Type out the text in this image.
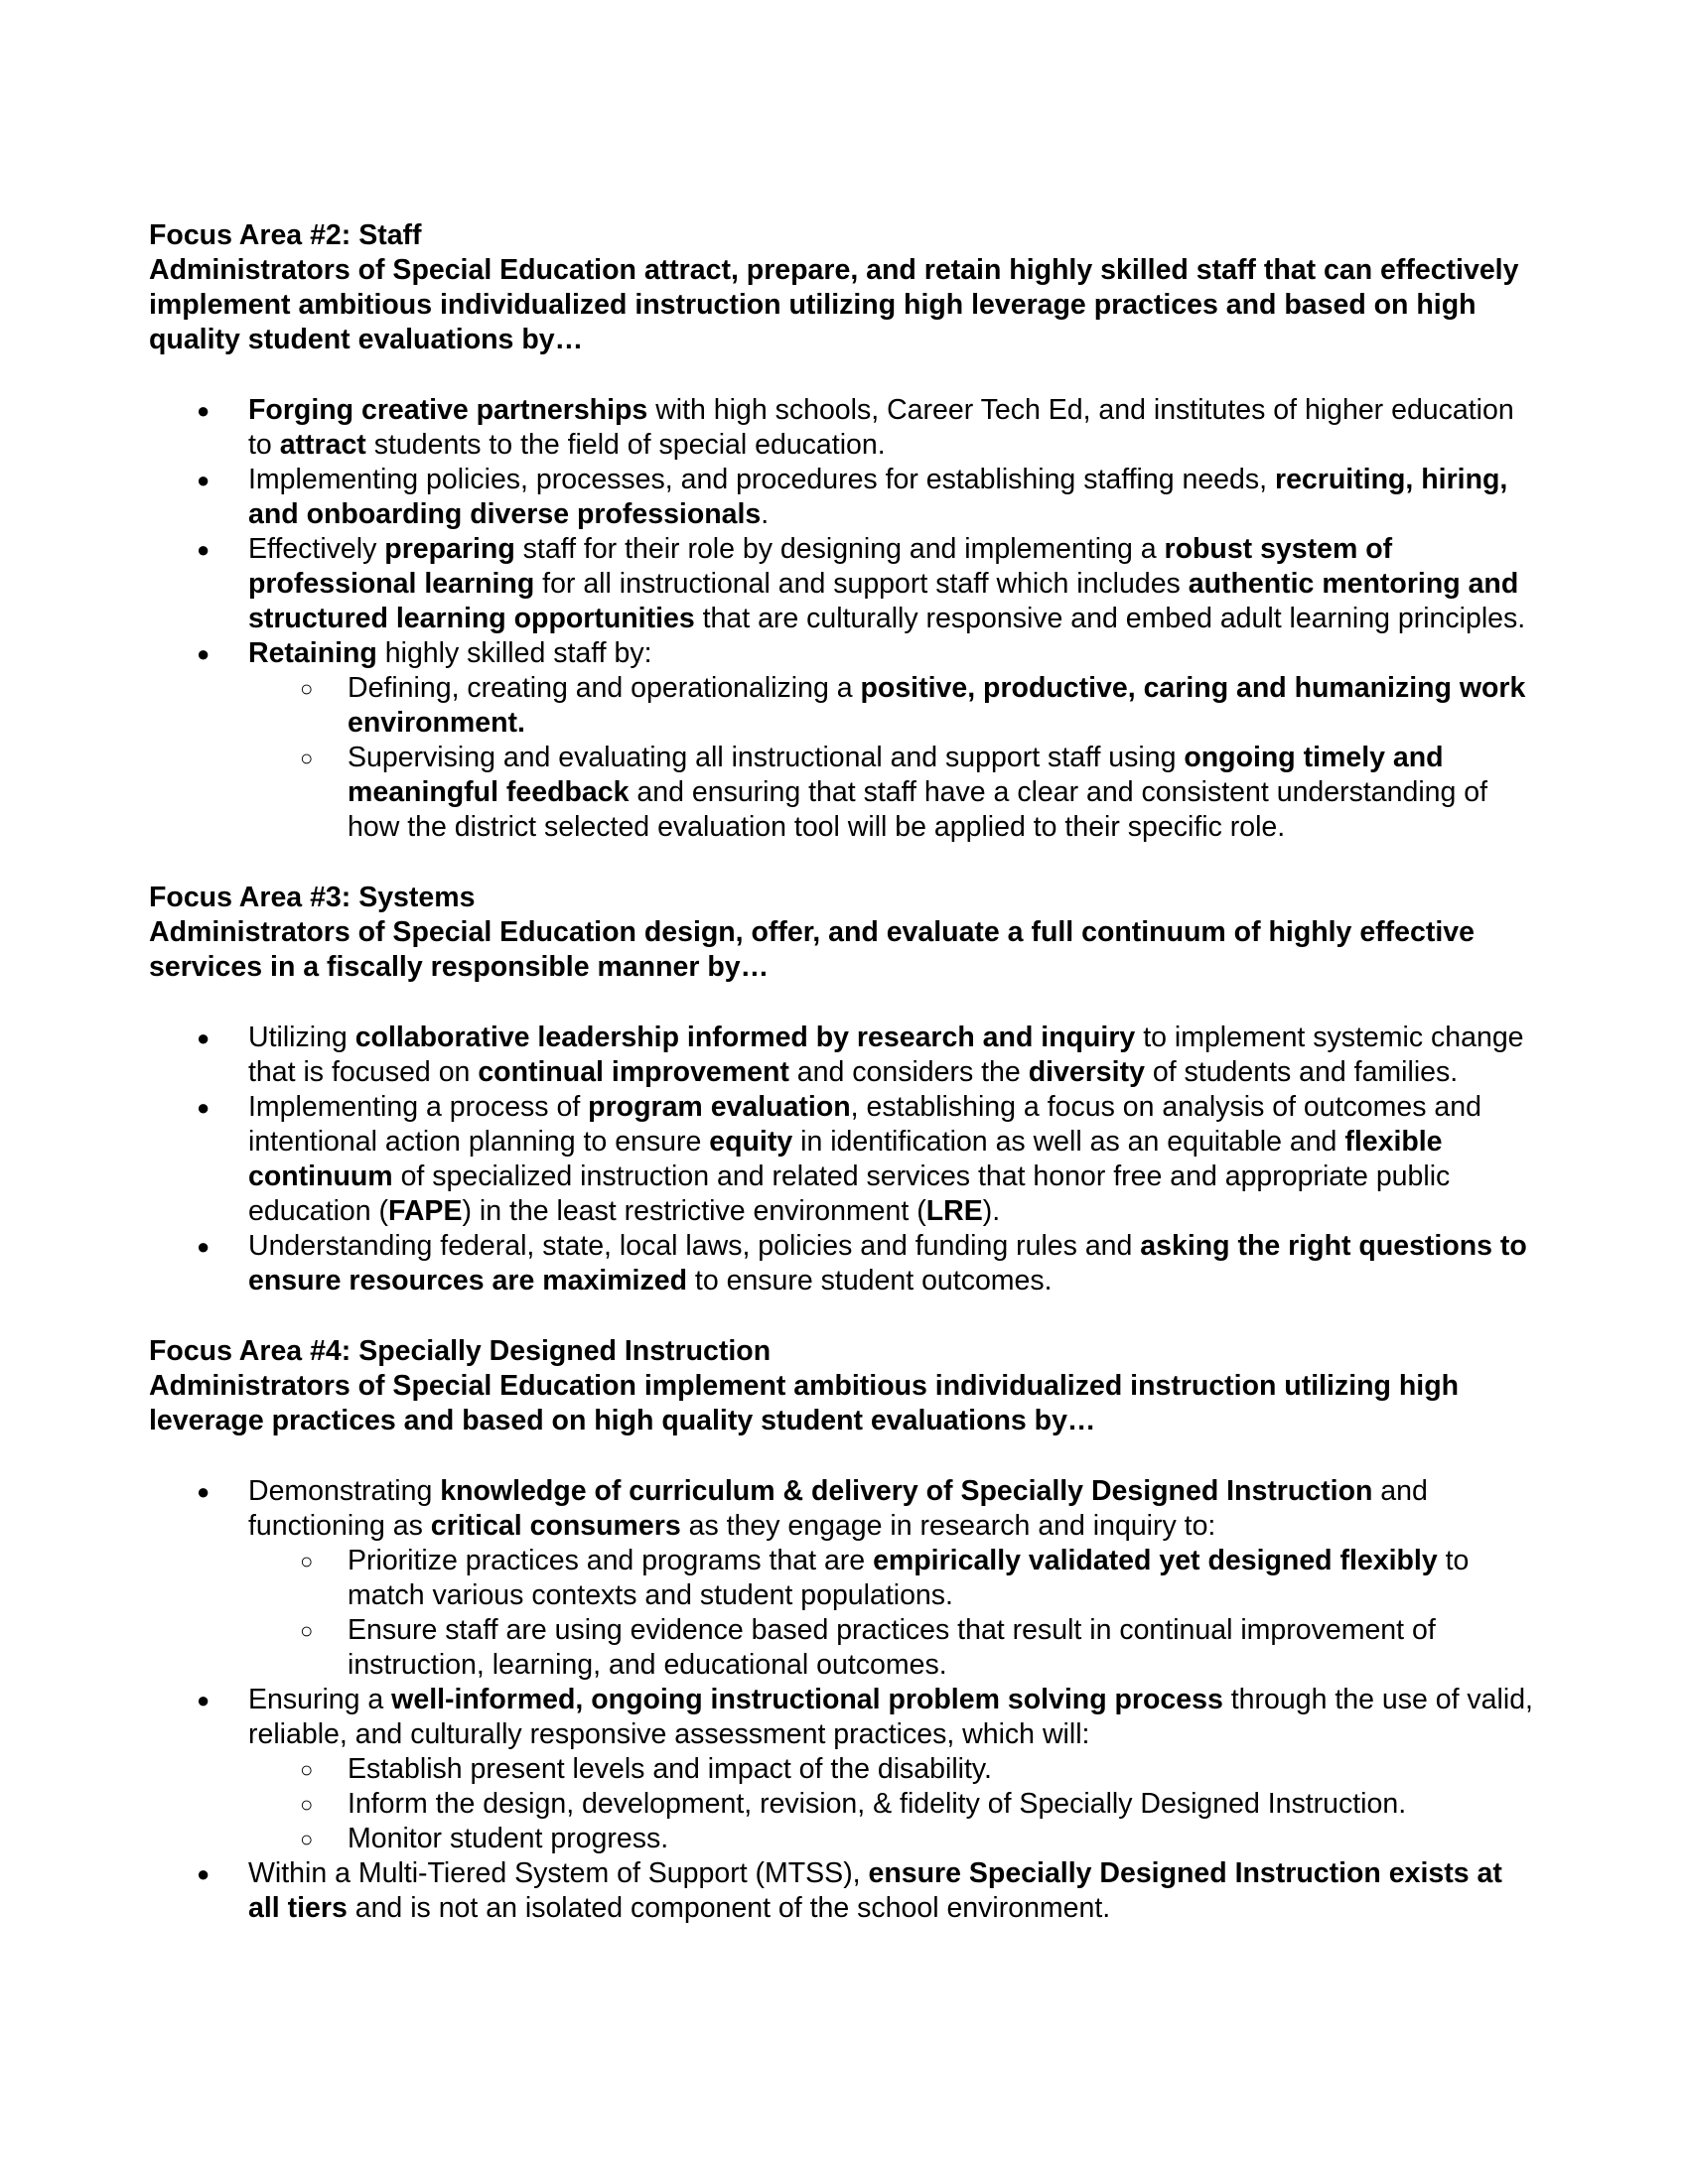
Focus Area #2: Staff
Administrators of Special Education attract, prepare, and retain highly skilled staff that can effectively implement ambitious individualized instruction utilizing high leverage practices and based on high quality student evaluations by…
● Forging creative partnerships with high schools, Career Tech Ed, and institutes of higher education to attract students to the field of special education.
● Implementing policies, processes, and procedures for establishing staffing needs, recruiting, hiring, and onboarding diverse professionals.
● Effectively preparing staff for their role by designing and implementing a robust system of professional learning for all instructional and support staff which includes authentic mentoring and structured learning opportunities that are culturally responsive and embed adult learning principles.
● Retaining highly skilled staff by:
○ Defining, creating and operationalizing a positive, productive, caring and humanizing work environment.
○ Supervising and evaluating all instructional and support staff using ongoing timely and meaningful feedback and ensuring that staff have a clear and consistent understanding of how the district selected evaluation tool will be applied to their specific role.
Focus Area #3: Systems
Administrators of Special Education design, offer, and evaluate a full continuum of highly effective services in a fiscally responsible manner by…
● Utilizing collaborative leadership informed by research and inquiry to implement systemic change that is focused on continual improvement and considers the diversity of students and families.
● Implementing a process of program evaluation, establishing a focus on analysis of outcomes and intentional action planning to ensure equity in identification as well as an equitable and flexible continuum of specialized instruction and related services that honor free and appropriate public education (FAPE) in the least restrictive environment (LRE).
● Understanding federal, state, local laws, policies and funding rules and asking the right questions to ensure resources are maximized to ensure student outcomes.
Focus Area #4: Specially Designed Instruction
Administrators of Special Education implement ambitious individualized instruction utilizing high leverage practices and based on high quality student evaluations by…
● Demonstrating knowledge of curriculum & delivery of Specially Designed Instruction and functioning as critical consumers as they engage in research and inquiry to:
○ Prioritize practices and programs that are empirically validated yet designed flexibly to match various contexts and student populations.
○ Ensure staff are using evidence based practices that result in continual improvement of instruction, learning, and educational outcomes.
● Ensuring a well-informed, ongoing instructional problem solving process through the use of valid, reliable, and culturally responsive assessment practices, which will:
○ Establish present levels and impact of the disability.
○ Inform the design, development, revision, & fidelity of Specially Designed Instruction.
○ Monitor student progress.
● Within a Multi-Tiered System of Support (MTSS), ensure Specially Designed Instruction exists at all tiers and is not an isolated component of the school environment.
